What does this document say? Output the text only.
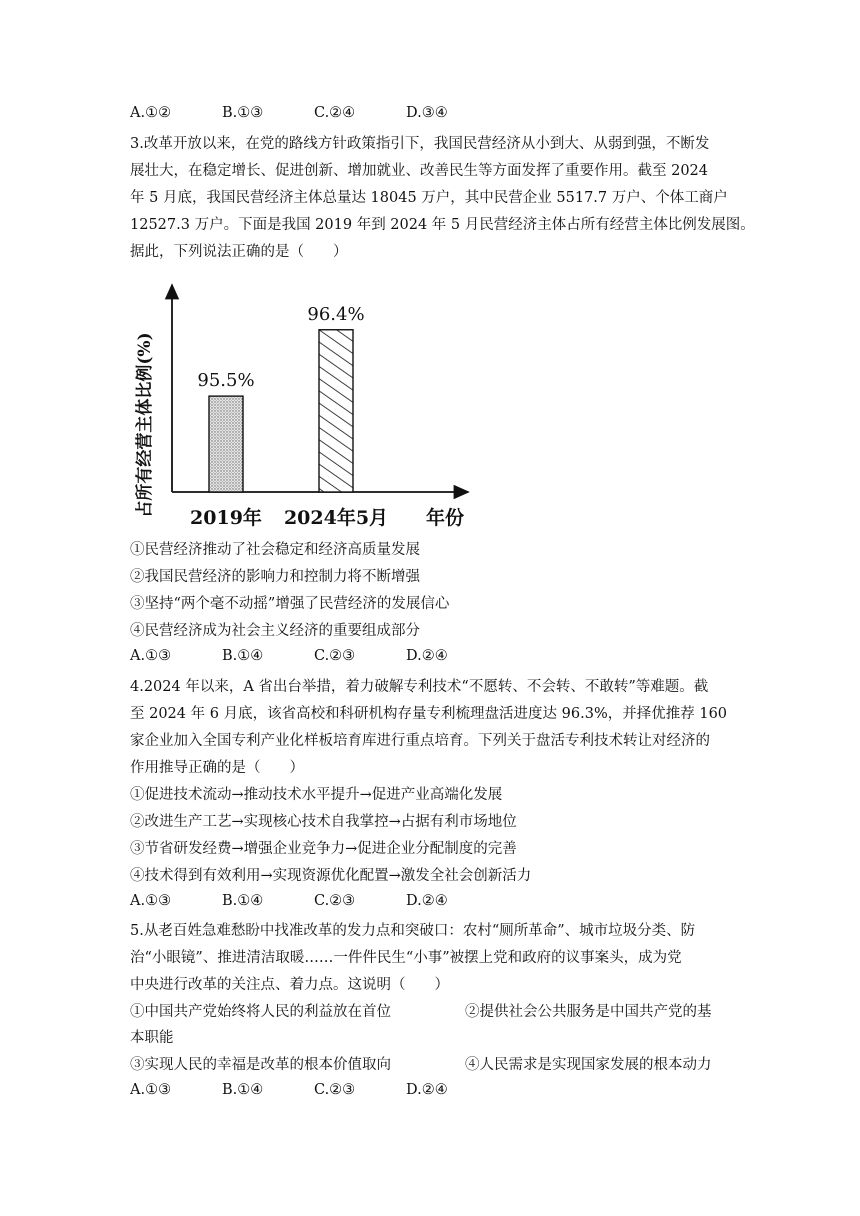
A.①②	B.①③	C.②④	D.③④
3.改革开放以来，在党的路线方针政策指引下，我国民营经济从小到大、从弱到强，不断发
展壮大，在稳定增长、促进创新、增加就业、改善民生等方面发挥了重要作用。截至 2024
年 5 月底，我国民营经济主体总量达 18045 万户，其中民营企业 5517.7 万户、个体工商户
12527.3 万户。下面是我国 2019 年到 2024 年 5 月民营经济主体占所有经营主体比例发展图。
据此，下列说法正确的是（　　）
占所有经营主体比例(%)
年份
95.5%
2019年
96.4%
2024年5月
①民营经济推动了社会稳定和经济高质量发展
②我国民营经济的影响力和控制力将不断增强
③坚持“两个毫不动摇”增强了民营经济的发展信心
④民营经济成为社会主义经济的重要组成部分
A.①③	B.①④	C.②③	D.②④
4.2024 年以来，A 省出台举措，着力破解专利技术“不愿转、不会转、不敢转”等难题。截
至 2024 年 6 月底，该省高校和科研机构存量专利梳理盘活进度达 96.3%，并择优推荐 160
家企业加入全国专利产业化样板培育库进行重点培育。下列关于盘活专利技术转让对经济的
作用推导正确的是（　　）
①促进技术流动→推动技术水平提升→促进产业高端化发展
②改进生产工艺→实现核心技术自我掌控→占据有利市场地位
③节省研发经费→增强企业竞争力→促进企业分配制度的完善
④技术得到有效利用→实现资源优化配置→激发全社会创新活力
A.①③	B.①④	C.②③	D.②④
5.从老百姓急难愁盼中找准改革的发力点和突破口：农村“厕所革命”、城市垃圾分类、防
治“小眼镜”、推进清洁取暖……一件件民生“小事”被摆上党和政府的议事案头，成为党
中央进行改革的关注点、着力点。这说明（　　）
①中国共产党始终将人民的利益放在首位	②提供社会公共服务是中国共产党的基
本职能
③实现人民的幸福是改革的根本价值取向	④人民需求是实现国家发展的根本动力
A.①③	B.①④	C.②③	D.②④
